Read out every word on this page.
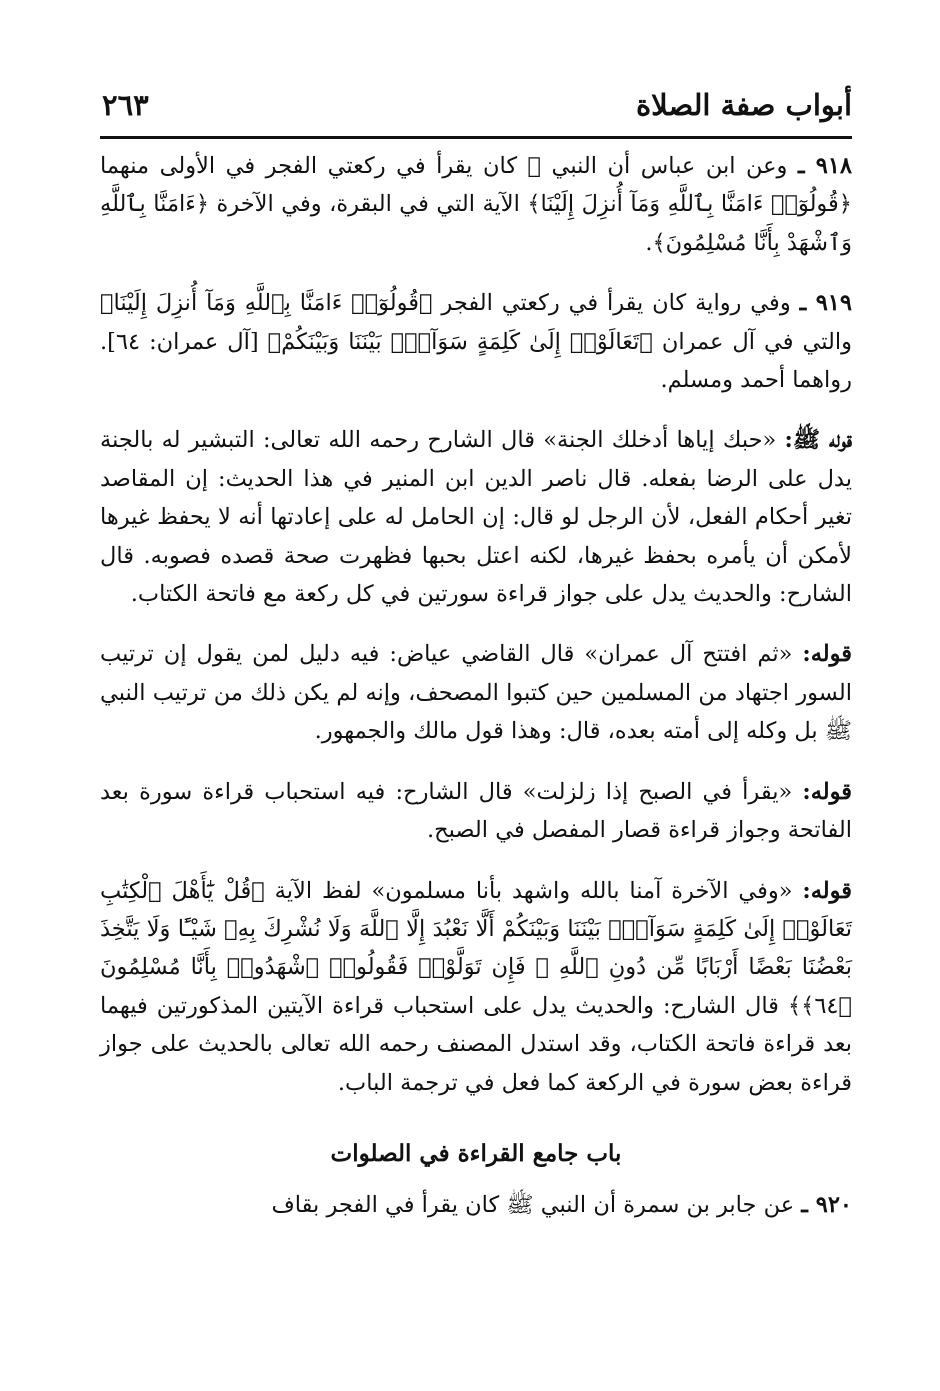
أبواب صفة الصلاة
٢٦٣

٩١٨ ـ وعن ابن عباس أن النبي ﷺ كان يقرأ في ركعتي الفجر في الأولى منهما ﴿قُولُوٓا۟ ءَامَنَّا بِٱللَّهِ وَمَآ أُنزِلَ إِلَيْنَا﴾ الآية التي في البقرة، وفي الآخرة ﴿ءَامَنَّا بِٱللَّهِ وَٱشْهَدْ بِأَنَّا مُسْلِمُونَ﴾.

٩١٩ ـ وفي رواية كان يقرأ في ركعتي الفجر ﴿قُولُوٓا۟ ءَامَنَّا بِٱللَّهِ وَمَآ أُنزِلَ إِلَيْنَا﴾ والتي في آل عمران ﴿تَعَالَوْا۟ إِلَىٰ كَلِمَةٍ سَوَآءٍۭ بَيْنَنَا وَبَيْنَكُمْ﴾ [آل عمران: ٦٤]. رواهما أحمد ومسلم.

قوله ﷺ: «حبك إياها أدخلك الجنة» قال الشارح رحمه الله تعالى: التبشير له بالجنة يدل على الرضا بفعله. قال ناصر الدين ابن المنير في هذا الحديث: إن المقاصد تغير أحكام الفعل، لأن الرجل لو قال: إن الحامل له على إعادتها أنه لا يحفظ غيرها لأمكن أن يأمره بحفظ غيرها، لكنه اعتل بحبها فظهرت صحة قصده فصوبه. قال الشارح: والحديث يدل على جواز قراءة سورتين في كل ركعة مع فاتحة الكتاب.

قوله: «ثم افتتح آل عمران» قال القاضي عياض: فيه دليل لمن يقول إن ترتيب السور اجتهاد من المسلمين حين كتبوا المصحف، وإنه لم يكن ذلك من ترتيب النبي ﷺ بل وكله إلى أمته بعده، قال: وهذا قول مالك والجمهور.

قوله: «يقرأ في الصبح إذا زلزلت» قال الشارح: فيه استحباب قراءة سورة بعد الفاتحة وجواز قراءة قصار المفصل في الصبح.

قوله: «وفي الآخرة آمنا بالله واشهد بأنا مسلمون» لفظ الآية ﴿قُلْ يَٰٓأَهْلَ ٱلْكِتَٰبِ تَعَالَوْا۟ إِلَىٰ كَلِمَةٍ سَوَآءٍۭ بَيْنَنَا وَبَيْنَكُمْ أَلَّا نَعْبُدَ إِلَّا ٱللَّهَ وَلَا نُشْرِكَ بِهِۦ شَيْـًٔا وَلَا يَتَّخِذَ بَعْضُنَا بَعْضًا أَرْبَابًا مِّن دُونِ ٱللَّهِ ۚ فَإِن تَوَلَّوْا۟ فَقُولُوا۟ ٱشْهَدُوا۟ بِأَنَّا مُسْلِمُونَ ﴿٦٤﴾﴾ قال الشارح: والحديث يدل على استحباب قراءة الآيتين المذكورتين فيهما بعد قراءة فاتحة الكتاب، وقد استدل المصنف رحمه الله تعالى بالحديث على جواز قراءة بعض سورة في الركعة كما فعل في ترجمة الباب.

باب جامع القراءة في الصلوات

٩٢٠ ـ عن جابر بن سمرة أن النبي ﷺ كان يقرأ في الفجر بقاف
